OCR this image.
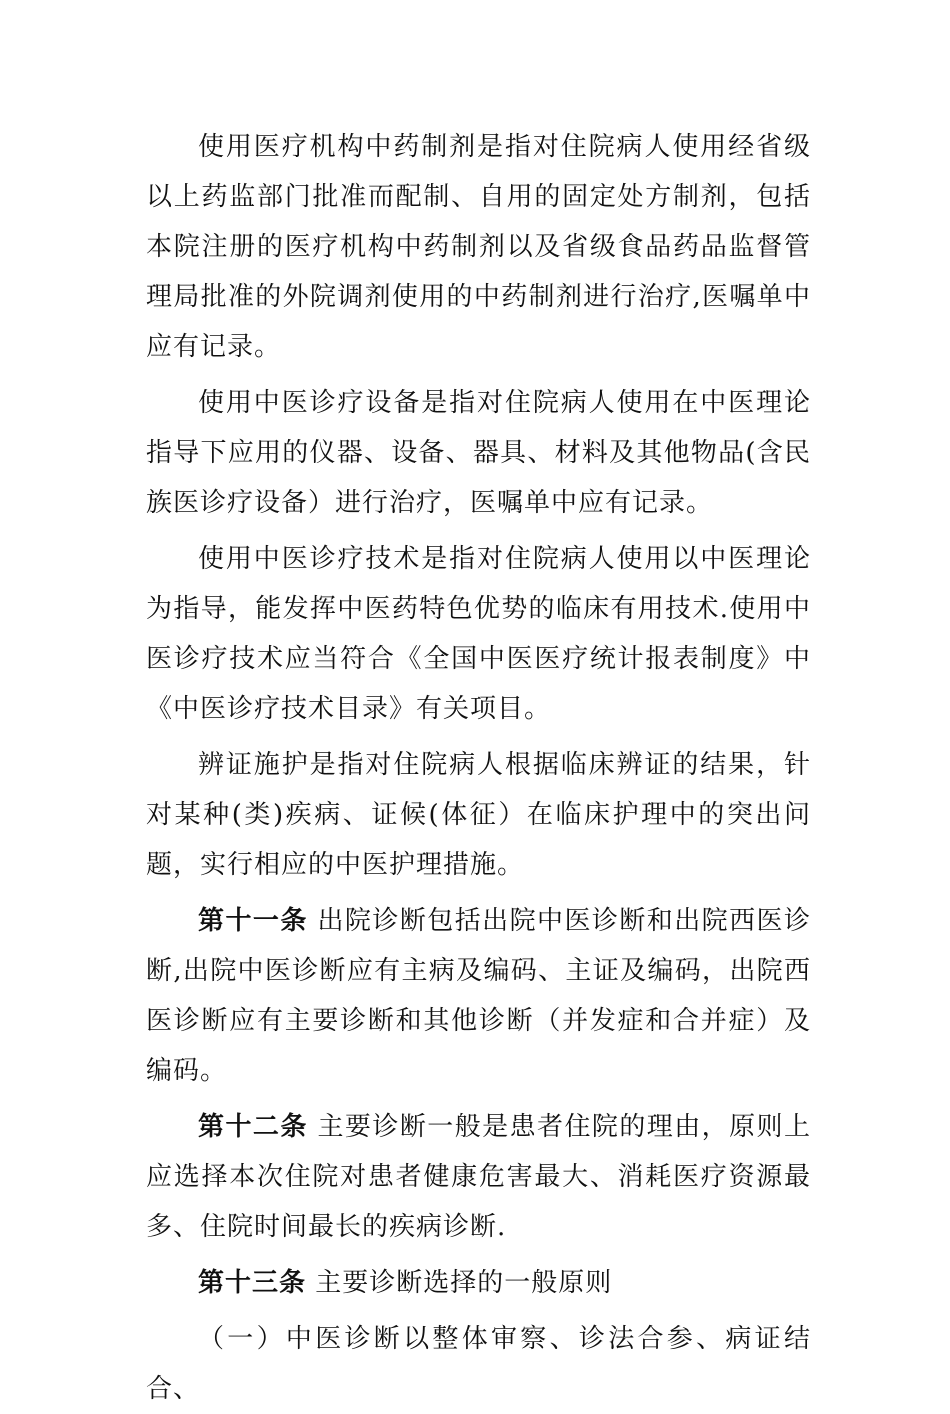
使用医疗机构中药制剂是指对住院病人使用经省级以上药监部门批准而配制、自用的固定处方制剂，包括本院注册的医疗机构中药制剂以及省级食品药品监督管理局批准的外院调剂使用的中药制剂进行治疗,医嘱单中应有记录。

使用中医诊疗设备是指对住院病人使用在中医理论指导下应用的仪器、设备、器具、材料及其他物品(含民族医诊疗设备）进行治疗，医嘱单中应有记录。

使用中医诊疗技术是指对住院病人使用以中医理论为指导，能发挥中医药特色优势的临床有用技术.使用中医诊疗技术应当符合《全国中医医疗统计报表制度》中《中医诊疗技术目录》有关项目。

辨证施护是指对住院病人根据临床辨证的结果，针对某种(类)疾病、证候(体征）在临床护理中的突出问题，实行相应的中医护理措施。

第十一条 出院诊断包括出院中医诊断和出院西医诊断,出院中医诊断应有主病及编码、主证及编码，出院西医诊断应有主要诊断和其他诊断（并发症和合并症）及编码。

第十二条 主要诊断一般是患者住院的理由，原则上应选择本次住院对患者健康危害最大、消耗医疗资源最多、住院时间最长的疾病诊断.

第十三条 主要诊断选择的一般原则

（一）中医诊断以整体审察、诊法合参、病证结合、
